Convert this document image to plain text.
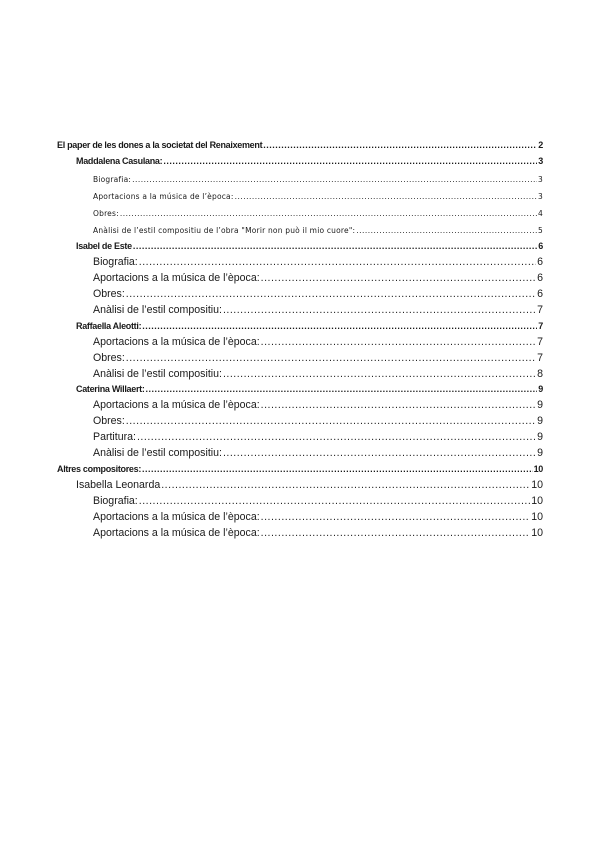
El paper de les dones a la societat del Renaixement .....	2
Maddalena Casulana: .....	3
Biografia: .....	3
Aportacions a la música de l’època: .....	3
Obres: .....	4
Anàlisi de l’estil compositiu de l’obra "Morir non può il mio cuore": .....	5
Isabel de Este .....	6
Biografia: .....	6
Aportacions a la música de l’època: .....	6
Obres: .....	6
Anàlisi de l’estil compositiu: .....	7
Raffaella Aleotti: .....	7
Aportacions a la música de l’època: .....	7
Obres: .....	7
Anàlisi de l’estil compositiu: .....	8
Caterina Willaert: .....	9
Aportacions a la música de l’època: .....	9
Obres: .....	9
Partitura: .....	9
Anàlisi de l’estil compositiu: .....	9
Altres compositores: .....	10
Isabella Leonarda .....	10
Biografia: .....	10
Aportacions a la música de l’època: .....	10
Aportacions a la música de l’època: .....	10
